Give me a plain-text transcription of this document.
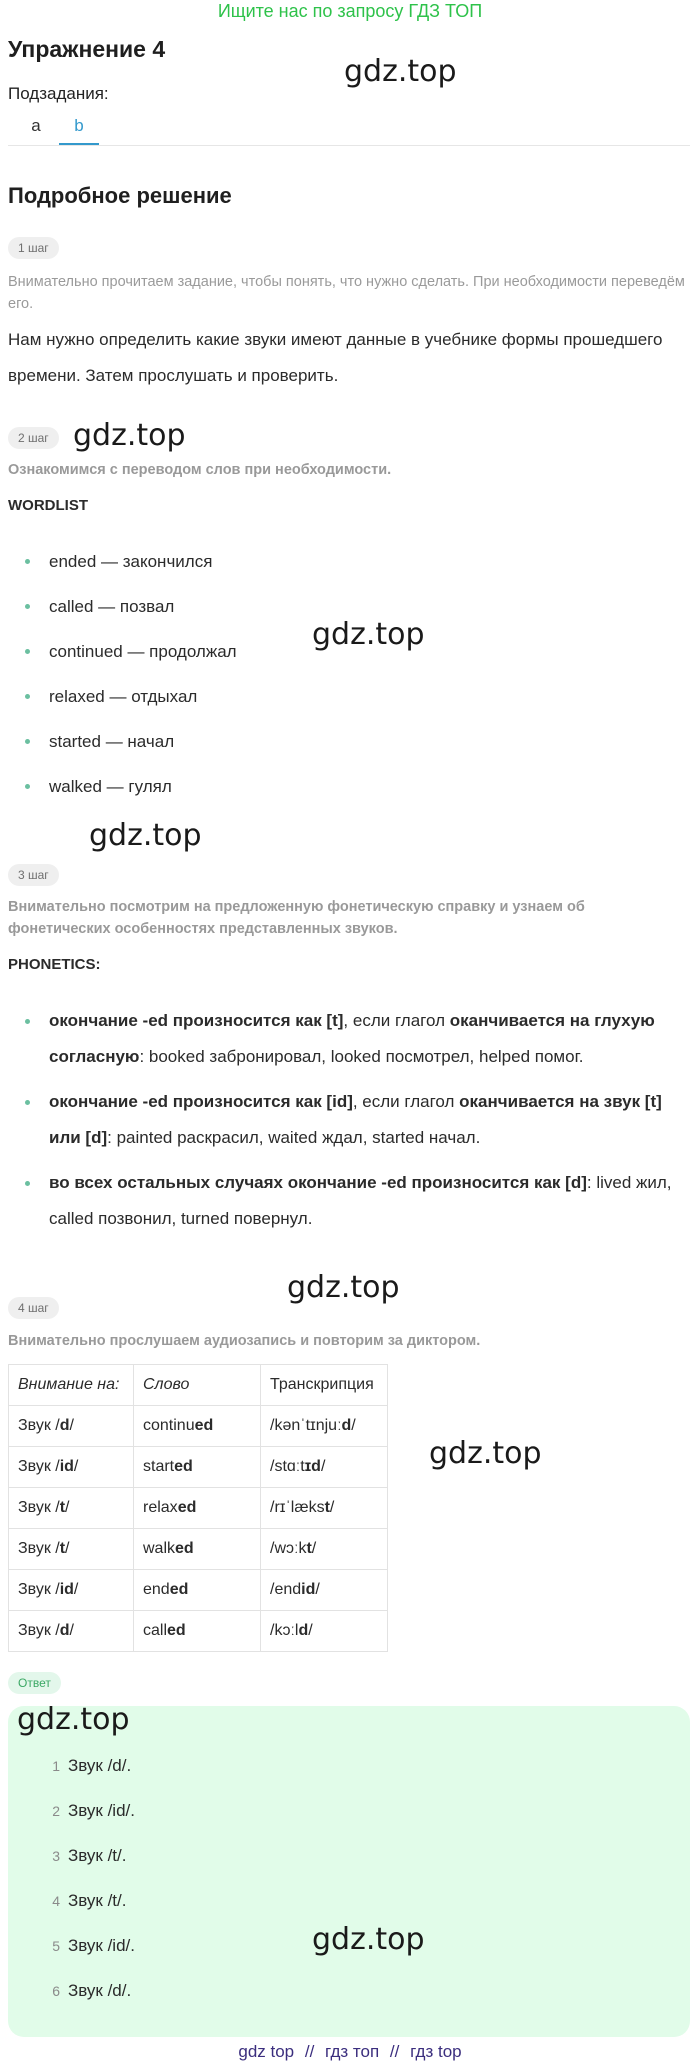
Ищите нас по запросу ГДЗ ТОП
Упражнение 4
Подзадания:
a	b
Подробное решение
1 шаг
Внимательно прочитаем задание, чтобы понять, что нужно сделать. При необходимости переведём его.
Нам нужно определить какие звуки имеют данные в учебнике формы прошедшего времени. Затем прослушать и проверить.
2 шаг
Ознакомимся с переводом слов при необходимости.
WORDLIST
ended — закончился
called — позвал
continued — продолжал
relaxed — отдыхал
started — начал
walked — гулял
3 шаг
Внимательно посмотрим на предложенную фонетическую справку и узнаем об фонетических особенностях представленных звуков.
PHONETICS:
окончание -ed произносится как [t], если глагол оканчивается на глухую согласную: booked забронировал, looked посмотрел, helped помог.
окончание -ed произносится как [id], если глагол оканчивается на звук [t] или [d]: painted раскрасил, waited ждал, started начал.
во всех остальных случаях окончание -ed произносится как [d]: lived жил, called позвонил, turned повернул.
4 шаг
Внимательно прослушаем аудиозапись и повторим за диктором.
Внимание на:	Слово	Транскрипция
Звук /d/	continued	/kənˈtɪnjuːd/
Звук /id/	started	/stɑːtɪd/
Звук /t/	relaxed	/rɪˈlækst/
Звук /t/	walked	/wɔːkt/
Звук /id/	ended	/endid/
Звук /d/	called	/kɔːld/
Ответ
1 Звук /d/.
2 Звук /id/.
3 Звук /t/.
4 Звук /t/.
5 Звук /id/.
6 Звук /d/.
gdz.top
gdz.top
gdz.top
gdz.top
gdz.top
gdz.top
gdz.top
gdz.top
gdz top // гдз топ // гдз top
